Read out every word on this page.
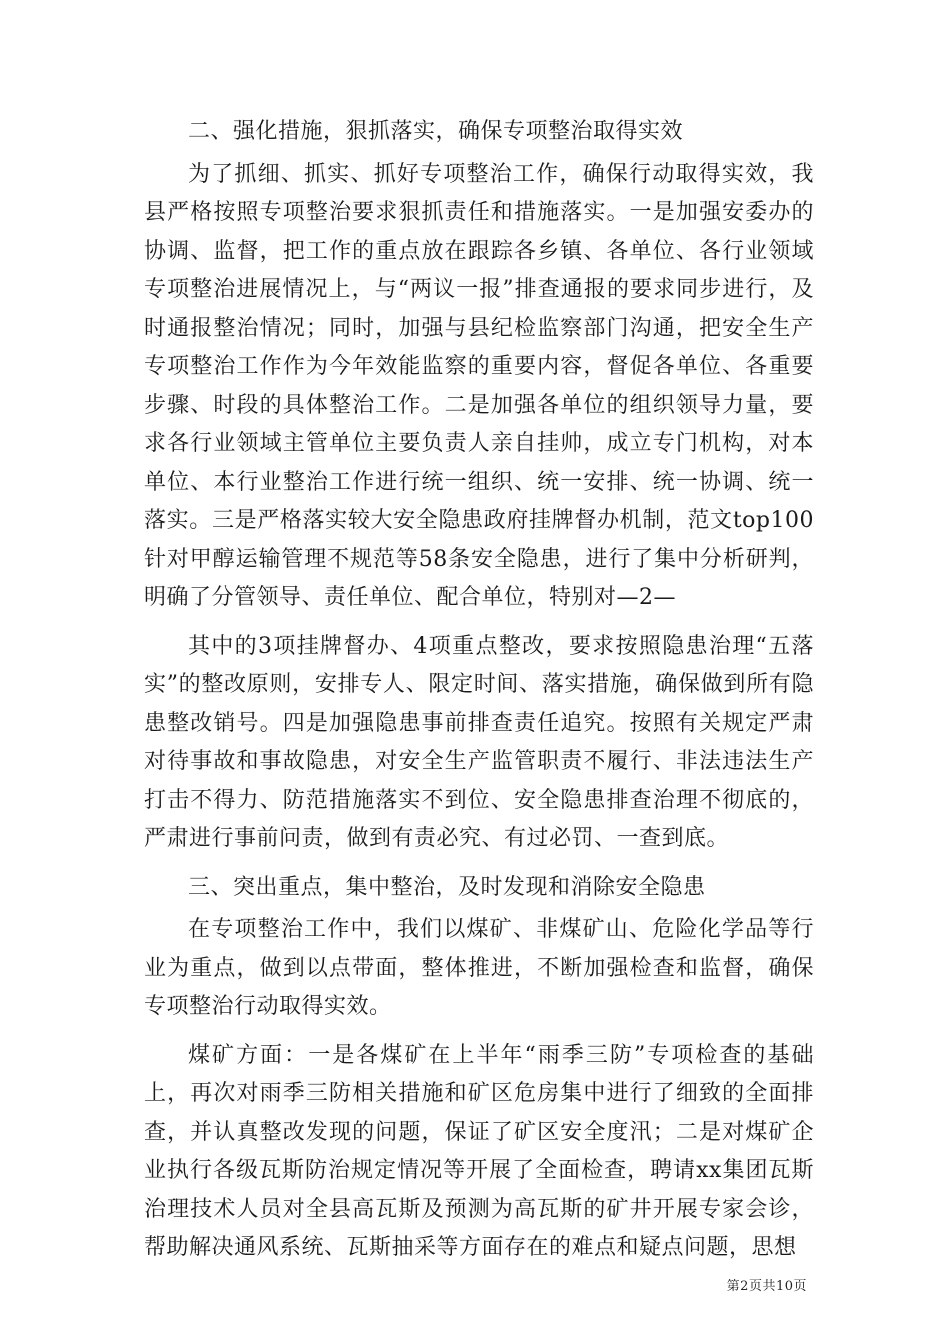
二、强化措施，狠抓落实，确保专项整治取得实效

为了抓细、抓实、抓好专项整治工作，确保行动取得实效，我县严格按照专项整治要求狠抓责任和措施落实。一是加强安委办的协调、监督，把工作的重点放在跟踪各乡镇、各单位、各行业领域专项整治进展情况上，与“两议一报”排查通报的要求同步进行，及时通报整治情况；同时，加强与县纪检监察部门沟通，把安全生产专项整治工作作为今年效能监察的重要内容，督促各单位、各重要步骤、时段的具体整治工作。二是加强各单位的组织领导力量，要求各行业领域主管单位主要负责人亲自挂帅，成立专门机构，对本单位、本行业整治工作进行统一组织、统一安排、统一协调、统一落实。三是严格落实较大安全隐患政府挂牌督办机制，范文top100针对甲醇运输管理不规范等58条安全隐患，进行了集中分析研判，明确了分管领导、责任单位、配合单位，特别对—2—

其中的3项挂牌督办、4项重点整改，要求按照隐患治理“五落实”的整改原则，安排专人、限定时间、落实措施，确保做到所有隐患整改销号。四是加强隐患事前排查责任追究。按照有关规定严肃对待事故和事故隐患，对安全生产监管职责不履行、非法违法生产打击不得力、防范措施落实不到位、安全隐患排查治理不彻底的，严肃进行事前问责，做到有责必究、有过必罚、一查到底。

三、突出重点，集中整治，及时发现和消除安全隐患

在专项整治工作中，我们以煤矿、非煤矿山、危险化学品等行业为重点，做到以点带面，整体推进，不断加强检查和监督，确保专项整治行动取得实效。

煤矿方面：一是各煤矿在上半年“雨季三防”专项检查的基础上，再次对雨季三防相关措施和矿区危房集中进行了细致的全面排查，并认真整改发现的问题，保证了矿区安全度汛；二是对煤矿企业执行各级瓦斯防治规定情况等开展了全面检查，聘请xx集团瓦斯治理技术人员对全县高瓦斯及预测为高瓦斯的矿井开展专家会诊，帮助解决通风系统、瓦斯抽采等方面存在的难点和疑点问题，思想

第2页共10页
